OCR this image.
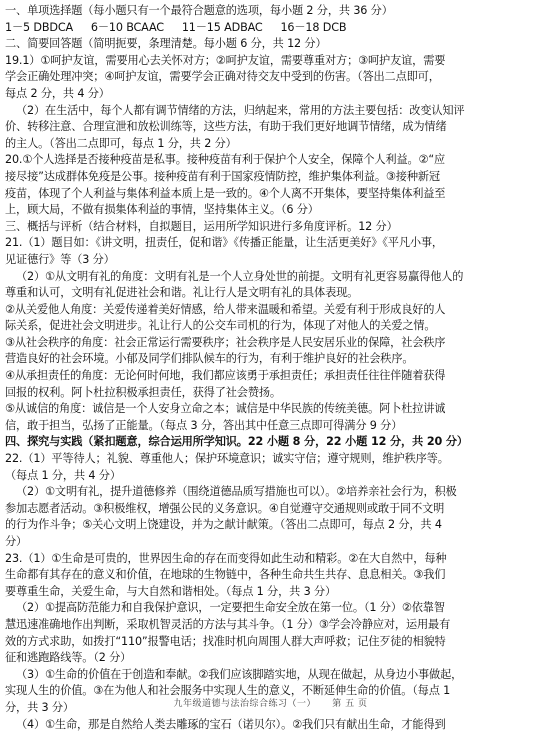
一、单项选择题（每小题只有一个最符合题意的选项，每小题 2 分，共 36 分）
1－5 DBDCA 　 6－10 BCAAC 　 11－15 ADBAC 　 16－18 DCB
二、简要回答题（简明扼要，条理清楚。每小题 6 分，共 12 分）
19.1）①呵护友谊，需要用心去关怀对方；②呵护友谊，需要尊重对方；③呵护友谊，需要
学会正确处理冲突；④呵护友谊，需要学会正确对待交友中受到的伤害。（答出二点即可，
每点 2 分，共 4 分）
（2）在生活中，每个人都有调节情绪的方法，归纳起来，常用的方法主要包括：改变认知评
价、转移注意、合理宣泄和放松训练等，这些方法，有助于我们更好地调节情绪，成为情绪
的主人。（答出二点即可，每点 1 分，共 2 分）
20.①个人选择是否接种疫苗是私事。接种疫苗有利于保护个人安全，保障个人利益。②“应
接尽接”达成群体免疫是公事。接种疫苗有利于国家疫情防控，维护集体利益。③接种新冠
疫苗，体现了个人利益与集体利益本质上是一致的。④个人离不开集体，要坚持集体利益至
上，顾大局，不做有损集体利益的事情，坚持集体主义。（6 分）
三、概括与评析（结合材料，自拟题目，运用所学知识进行多角度评析。12 分）
21.（1）题目如：《讲文明，扭责任，促和谐》《传播正能量，让生活更美好》《平凡小事，
见证德行》等（3 分）
（2）①从文明有礼的角度：文明有礼是一个人立身处世的前提。文明有礼更容易赢得他人的
尊重和认可，文明有礼促进社会和谐。礼让行人是文明有礼的具体表现。
②从关爱他人角度：关爱传递着美好情感，给人带来温暖和希望。关爱有利于形成良好的人
际关系，促进社会文明进步。礼让行人的公交车司机的行为，体现了对他人的关爱之情。
③从社会秩序的角度：社会正常运行需要秩序；社会秩序是人民安居乐业的保障，社会秩序
营造良好的社会环境。小郁及同学们排队候车的行为，有利于维护良好的社会秩序。
④从承担责任的角度：无论何时何地，我们都应该勇于承担责任；承担责任往往伴随着获得
回报的权利。阿卜杜拉积极承担责任，获得了社会赞扬。
⑤从诚信的角度：诚信是一个人安身立命之本；诚信是中华民族的传统美德。阿卜杜拉讲诚
信，敢于担当，弘扬了正能量。（每点 3 分，答出其中任意三点即可得满分 9 分）
四、探究与实践（紧扣题意，综合运用所学知识。22 小题 8 分，22 小题 12 分，共 20 分）
22.（1）平等待人；礼貌、尊重他人；保护环境意识；诚实守信；遵守规则，维护秩序等。
（每点 1 分，共 4 分）
（2）①文明有礼，提升道德修养（围绕道德品质写措施也可以）。②培养亲社会行为，积极
参加志愿者活动。③积极维权，增强公民的义务意识。④自觉遵守交通规则或敢于同不文明
的行为作斗争；⑤关心文明上饶建设，并为之献计献策。（答出二点即可，每点 2 分，共 4
分）
23.（1）①生命是可贵的，世界因生命的存在而变得如此生动和精彩。②在大自然中，每种
生命都有其存在的意义和价值，在地球的生物链中，各种生命共生共存、息息相关。③我们
要尊重生命，关爱生命，与大自然和谐相处。（每点 1 分，共 3 分）
（2）①提高防范能力和自我保护意识，一定要把生命安全放在第一位。（1 分）②依靠智
慧迅速准确地作出判断，采取机智灵活的方法与其斗争。（1 分）③学会冷静应对，运用最有
效的方式求助，如拨打“110”报警电话；找准时机向周围人群大声呼救；记住歹徒的相貌特
征和逃跑路线等。（2 分）
（3）①生命的价值在于创造和奉献。②我们应该脚踏实地，从现在做起，从身边小事做起，
实现人生的价值。③在为他人和社会服务中实现人生的意义，不断延伸生命的价值。（每点 1
分，共 3 分）
（4）①生命，那是自然给人类去雕琢的宝石（诺贝尔）。②我们只有献出生命，才能得到
九年级道德与法治综合练习（一） 　 第 五 页
